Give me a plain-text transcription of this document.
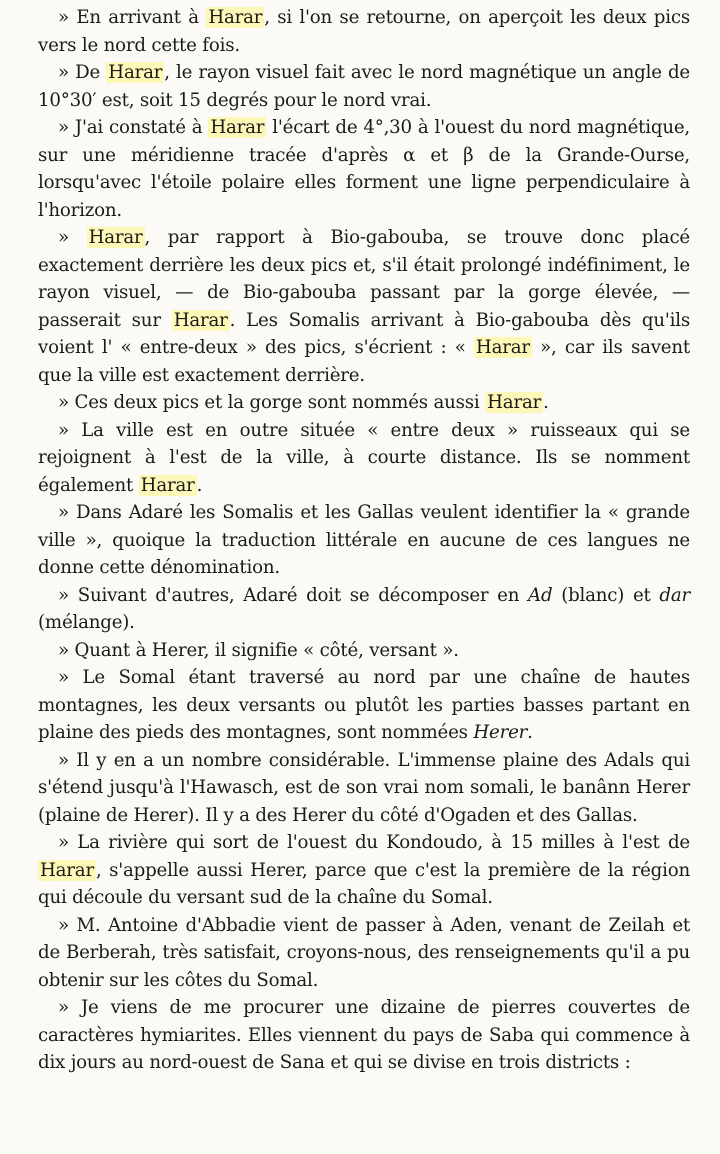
» En arrivant à Harar , si l'on se retourne, on aperçoit les deux pics vers le nord cette fois.

» De Harar , le rayon visuel fait avec le nord magnétique un angle de 10°30′ est, soit 15 degrés pour le nord vrai.

» J'ai constaté à Harar l'écart de 4°,30 à l'ouest du nord magnétique, sur une méridienne tracée d'après α et β de la Grande-Ourse, lorsqu'avec l'étoile polaire elles forment une ligne perpendiculaire à l'horizon.

» Harar , par rapport à Bio-gabouba, se trouve donc placé exactement derrière les deux pics et, s'il était prolongé indéfiniment, le rayon visuel, — de Bio-gabouba passant par la gorge élevée, — passerait sur Harar . Les Somalis arrivant à Bio-gabouba dès qu'ils voient l' « entre-deux » des pics, s'écrient : « Harar », car ils savent que la ville est exactement derrière.

» Ces deux pics et la gorge sont nommés aussi Harar .

» La ville est en outre située « entre deux » ruisseaux qui se rejoignent à l'est de la ville, à courte distance. Ils se nomment également Harar .

» Dans Adaré les Somalis et les Gallas veulent identifier la « grande ville », quoique la traduction littérale en aucune de ces langues ne donne cette dénomination.

» Suivant d'autres, Adaré doit se décomposer en Ad (blanc) et dar (mélange).

» Quant à Herer, il signifie « côté, versant ».

» Le Somal étant traversé au nord par une chaîne de hautes montagnes, les deux versants ou plutôt les parties basses partant en plaine des pieds des montagnes, sont nommées Herer.

» Il y en a un nombre considérable. L'immense plaine des Adals qui s'étend jusqu'à l'Hawasch, est de son vrai nom somali, le banânn Herer (plaine de Herer). Il y a des Herer du côté d'Ogaden et des Gallas.

» La rivière qui sort de l'ouest du Kondoudo, à 15 milles à l'est de Harar , s'appelle aussi Herer, parce que c'est la première de la région qui découle du versant sud de la chaîne du Somal.

» M. Antoine d'Abbadie vient de passer à Aden, venant de Zeilah et de Berberah, très satisfait, croyons-nous, des renseignements qu'il a pu obtenir sur les côtes du Somal.

» Je viens de me procurer une dizaine de pierres couvertes de caractères hymiarites. Elles viennent du pays de Saba qui commence à dix jours au nord-ouest de Sana et qui se divise en trois districts :
